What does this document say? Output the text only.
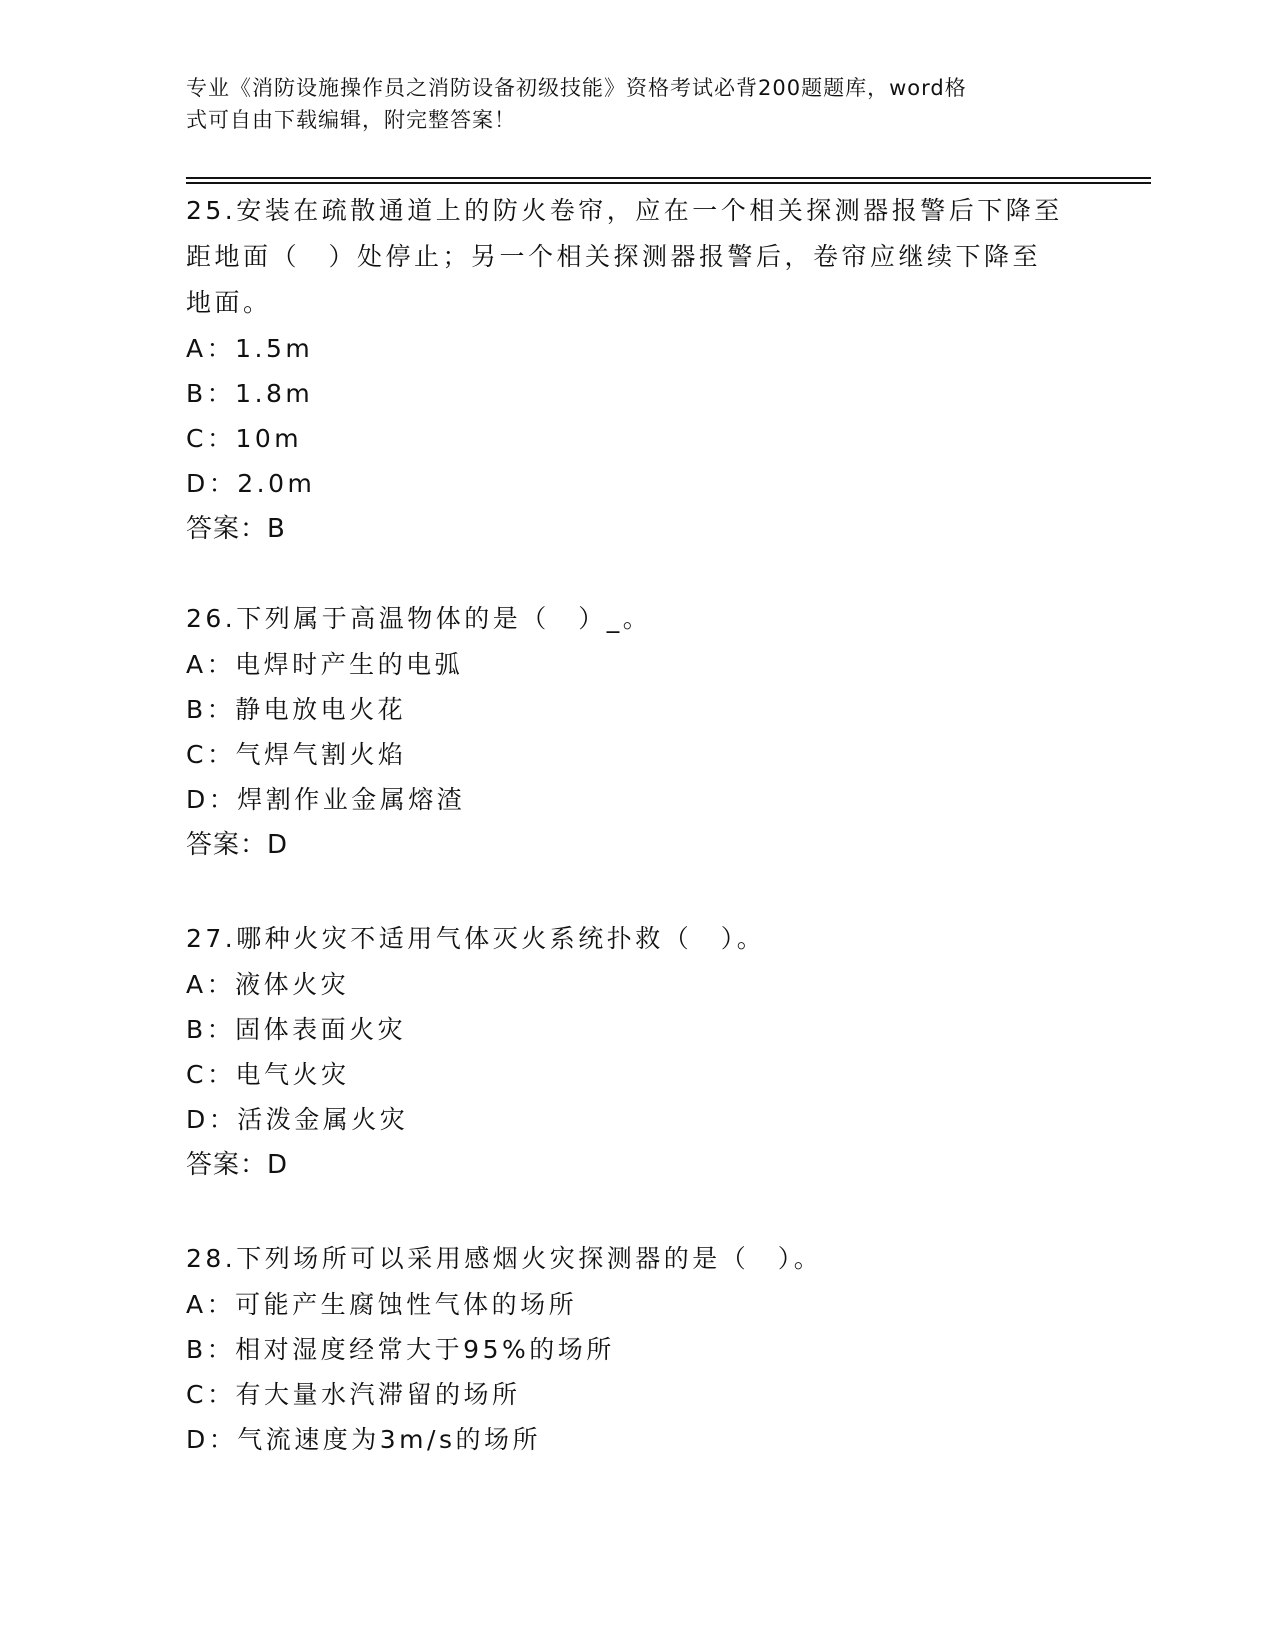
专业《消防设施操作员之消防设备初级技能》资格考试必背200题题库，word格
式可自由下载编辑，附完整答案！

25.安装在疏散通道上的防火卷帘，应在一个相关探测器报警后下降至
距地面（　）处停止；另一个相关探测器报警后，卷帘应继续下降至
地面。

A：1.5m

B：1.8m

C：10m

D：2.0m

答案：B

26.下列属于高温物体的是（　）_。

A：电焊时产生的电弧

B：静电放电火花

C：气焊气割火焰

D：焊割作业金属熔渣

答案：D

27.哪种火灾不适用气体灭火系统扑救（　）。

A：液体火灾

B：固体表面火灾

C：电气火灾

D：活泼金属火灾

答案：D

28.下列场所可以采用感烟火灾探测器的是（　）。

A：可能产生腐蚀性气体的场所

B：相对湿度经常大于95%的场所

C：有大量水汽滞留的场所

D：气流速度为3m/s的场所
